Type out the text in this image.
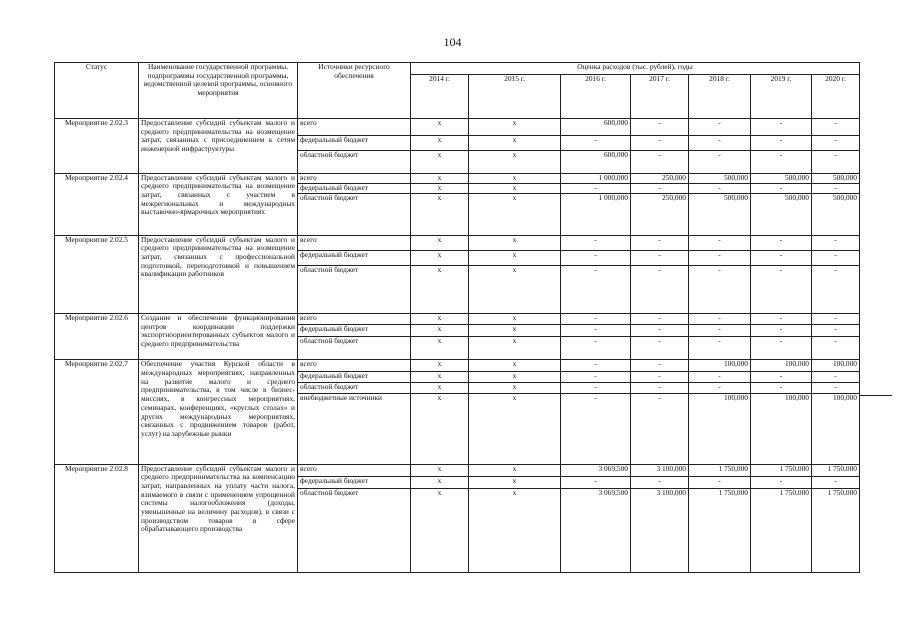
104
Статус	Наименование государственной программы, подпрограммы государственной программы, ведомственной целевой программы, основного мероприятия	Источники ресурсного обеспечения	Оценка расходов (тыс. рублей), годы						
			2014 г.	2015 г.	2016 г.	2017 г.	2018 г.	2019 г.	2020 г.
Мероприятие 2.02.3	Предоставление субсидий субъектам малого и среднего предпринимательства на возмещение затрат, связанных с присоединением к сетям инженерной инфраструктуры	всего	х	х	600,000	-	-	-	-
		федеральный бюджет	х	х	-	-	-	-	-
		областной бюджет	х	х	600,000	-	-	-	-
Мероприятие 2.02.4	Предоставление субсидий субъектам малого и среднего предпринимательства на возмещение затрат, связанных с участием в межрегиональных и международных выставочно-ярмарочных мероприятиях	всего	х	х	1 000,000	250,000	500,000	500,000	500,000
		федеральный бюджет	х	х	-	-	-	-	-
		областной бюджет	х	х	1 000,000	250,000	500,000	500,000	500,000
Мероприятие 2.02.5	Предоставление субсидий субъектам малого и среднего предпринимательства на возмещение затрат, связанных с профессиональной подготовкой, переподготовкой и повышением квалификации работников	всего	х	х	-	-	-	-	-
		федеральный бюджет	х	х	-	-	-	-	-
		областной бюджет	х	х	-	-	-	-	-
Мероприятие 2.02.6	Создание и обеспечение функционирования центров координации поддержки экспортноориентированных субъектов малого и среднего предпринимательства	всего	х	х	-	-	-	-	-
		федеральный бюджет	х	х	-	-	-	-	-
		областной бюджет	х	х	-	-	-	-	-
Мероприятие 2.02.7	Обеспечение участия Курской области в международных мероприятиях, направленных на развитие малого и среднего предпринимательства, в том числе в бизнес-миссиях, в конгрессных мероприятиях, семинарах, конференциях, «круглых столах» и других международных мероприятиях, связанных с продвижением товаров (работ, услуг) на зарубежные рынки	всего	х	х	-	-	100,000	100,000	100,000
		федеральный бюджет	х	х	-	-	-	-	-
		областной бюджет	х	х	-	-	-	-	-
		внебюджетные источники	х	х	-	-	100,000	100,000	100,000
Мероприятие 2.02.8	Предоставление субсидий субъектам малого и среднего предпринимательства на компенсацию затрат, направленных на уплату части налога, взимаемого в связи с применением упрощенной системы налогообложения (доходы, уменьшенные на величину расходов), в связи с производством товаров в сфере обрабатывающего производства	всего	х	х	3 069,500	3 100,000	1 750,000	1 750,000	1 750,000
		федеральный бюджет	х	х	-	-	-	-	-
		областной бюджет	х	х	3 069,500	3 100,000	1 750,000	1 750,000	1 750,000
